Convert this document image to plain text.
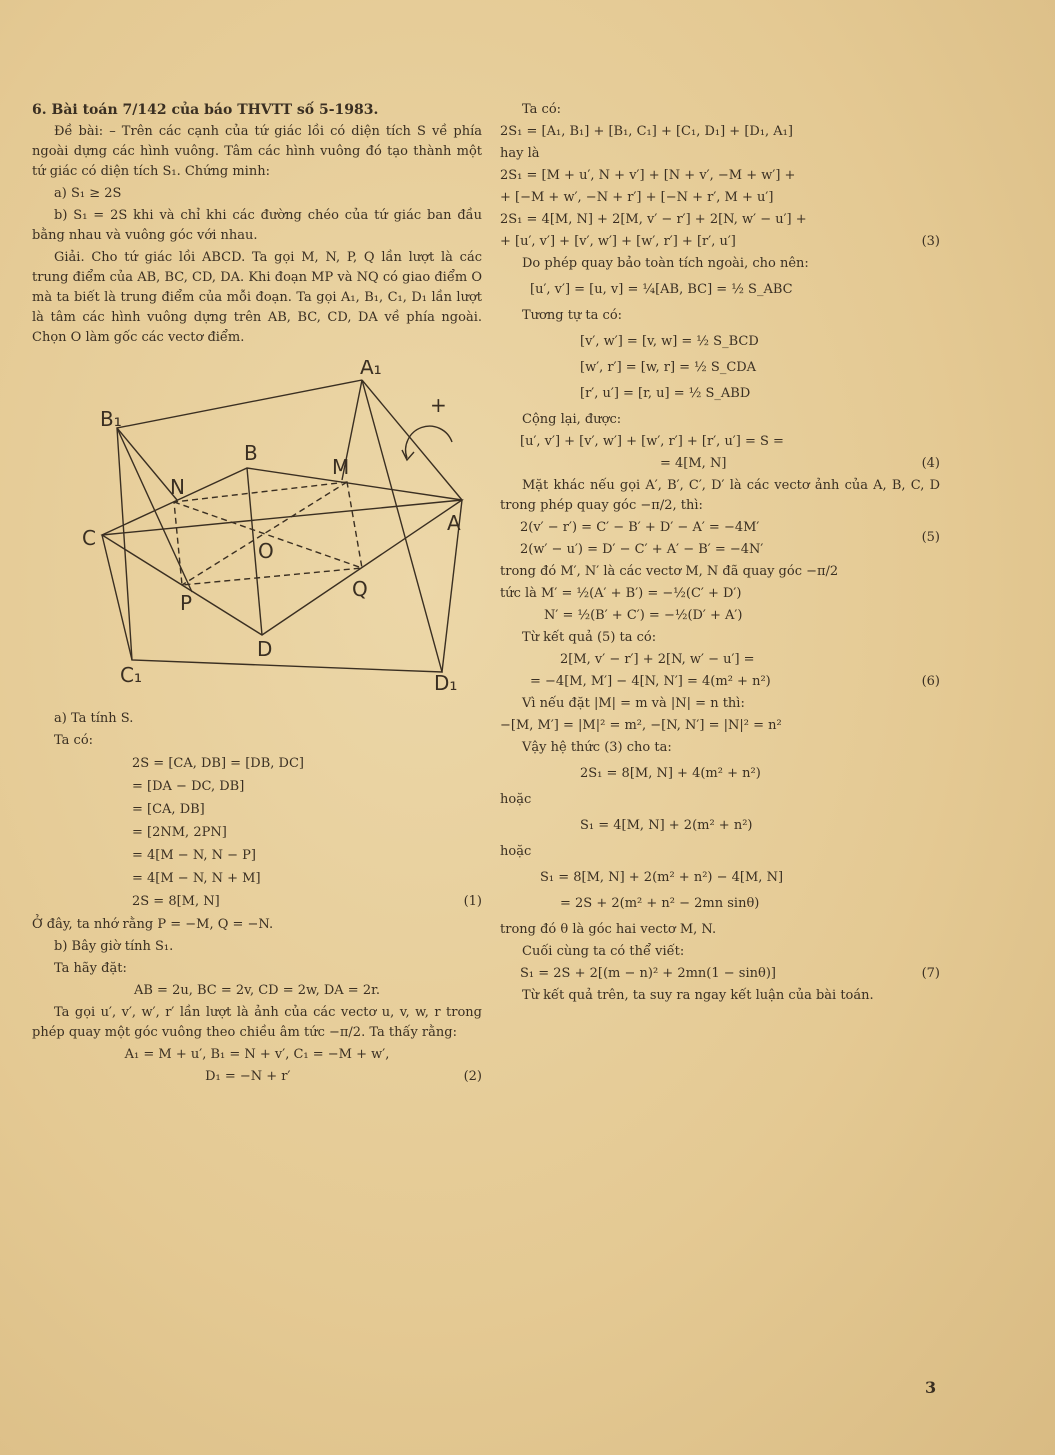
6. Bài toán 7/142 của báo THVTT số 5-1983.

Đề bài: – Trên các cạnh của tứ giác lồi có diện tích S về phía ngoài dựng các hình vuông. Tâm các hình vuông đó tạo thành một tứ giác có diện tích S₁. Chứng minh:

a) S₁ ≥ 2S

b) S₁ = 2S khi và chỉ khi các đường chéo của tứ giác ban đầu bằng nhau và vuông góc với nhau.

Giải. Cho tứ giác lồi ABCD. Ta gọi M, N, P, Q lần lượt là các trung điểm của AB, BC, CD, DA. Khi đoạn MP và NQ có giao điểm O mà ta biết là trung điểm của mỗi đoạn. Ta gọi A₁, B₁, C₁, D₁ lần lượt là tâm các hình vuông dựng trên AB, BC, CD, DA về phía ngoài. Chọn O làm gốc các vectơ điểm.

A₁
B₁
B
M
N
C
A
O
P
Q
D
C₁	D₁
+

a) Ta tính S.

Ta có:

2S = [CA, DB] = [DB, DC]
= [DA − DC, DB]
= [CA, DB]
= [2NM, 2PN]
= 4[M − N, N − P]
= 4[M − N, N + M]
2S = 8[M, N]	(1)

Ở đây, ta nhớ rằng P = −M, Q = −N.

b) Bây giờ tính S₁.

Ta hãy đặt:

AB = 2u, BC = 2v, CD = 2w, DA = 2r.

Ta gọi u′, v′, w′, r′ lần lượt là ảnh của các vectơ u, v, w, r trong phép quay một góc vuông theo chiều âm tức −π/2. Ta thấy rằng:

A₁ = M + u′, B₁ = N + v′, C₁ = −M + w′,

D₁ = −N + r′	(2)

Ta có:

2S₁ = [A₁, B₁] + [B₁, C₁] + [C₁, D₁] + [D₁, A₁]

hay là

2S₁ = [M + u′, N + v′] + [N + v′, −M + w′] +

+ [−M + w′, −N + r′] + [−N + r′, M + u′]

2S₁ = 4[M, N] + 2[M, v′ − r′] + 2[N, w′ − u′] +

+ [u′, v′] + [v′, w′] + [w′, r′] + [r′, u′]	(3)

Do phép quay bảo toàn tích ngoài, cho nên:

[u′, v′] = [u, v] = ¼[AB, BC] = ½ S_ABC

Tương tự ta có:

[v′, w′] = [v, w] = ½ S_BCD

[w′, r′] = [w, r] = ½ S_CDA

[r′, u′] = [r, u] = ½ S_ABD

Cộng lại, được:

[u′, v′] + [v′, w′] + [w′, r′] + [r′, u′] = S =

= 4[M, N]	(4)

Mặt khác nếu gọi A′, B′, C′, D′ là các vectơ ảnh của A, B, C, D trong phép quay góc −π/2, thì:

2(v′ − r′) = C′ − B′ + D′ − A′ = −4M′

2(w′ − u′) = D′ − C′ + A′ − B′ = −4N′

(5)

trong đó M′, N′ là các vectơ M, N đã quay góc −π/2

tức là M′ = ½(A′ + B′) = −½(C′ + D′)

N′ = ½(B′ + C′) = −½(D′ + A′)

Từ kết quả (5) ta có:

2[M, v′ − r′] + 2[N, w′ − u′] =

= −4[M, M′] − 4[N, N′] = 4(m² + n²)	(6)

Vì nếu đặt |M| = m và |N| = n thì:

−[M, M′] = |M|² = m², −[N, N′] = |N|² = n²

Vậy hệ thức (3) cho ta:

2S₁ = 8[M, N] + 4(m² + n²)

hoặc

S₁ = 4[M, N] + 2(m² + n²)

hoặc

S₁ = 8[M, N] + 2(m² + n²) − 4[M, N]

= 2S + 2(m² + n² − 2mn sinθ)

trong đó θ là góc hai vectơ M, N.

Cuối cùng ta có thể viết:

S₁ = 2S + 2[(m − n)² + 2mn(1 − sinθ)]	(7)

Từ kết quả trên, ta suy ra ngay kết luận của bài toán.

3
